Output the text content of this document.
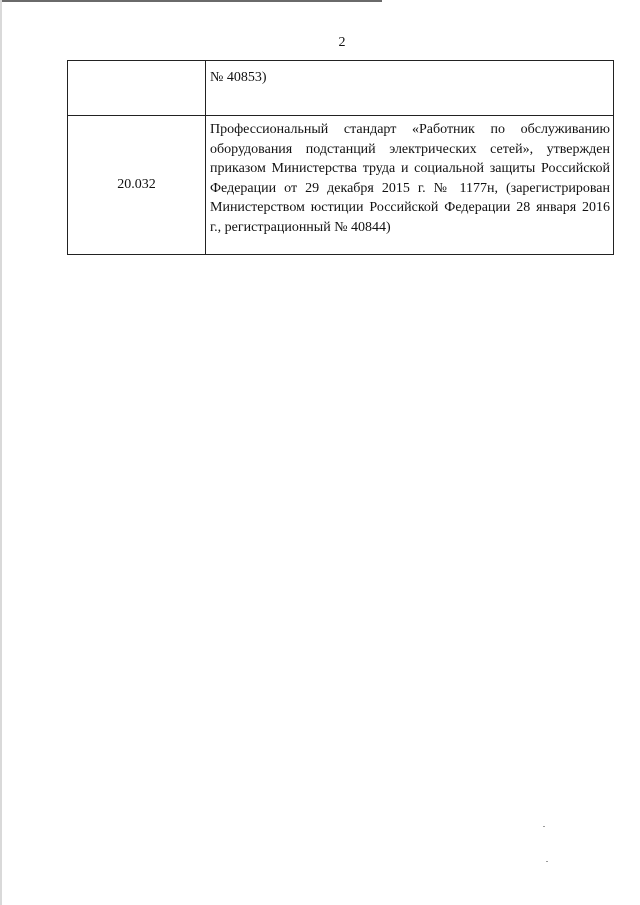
2
	№ 40853)
20.032	Профессиональный стандарт «Работник по обслуживанию оборудования подстанций электрических сетей», утвержден приказом Министерства труда и социальной защиты Российской Федерации от 29 декабря 2015 г. № 1177н, (зарегистрирован Министерством юстиции Российской Федерации 28 января 2016 г., регистрационный № 40844)
